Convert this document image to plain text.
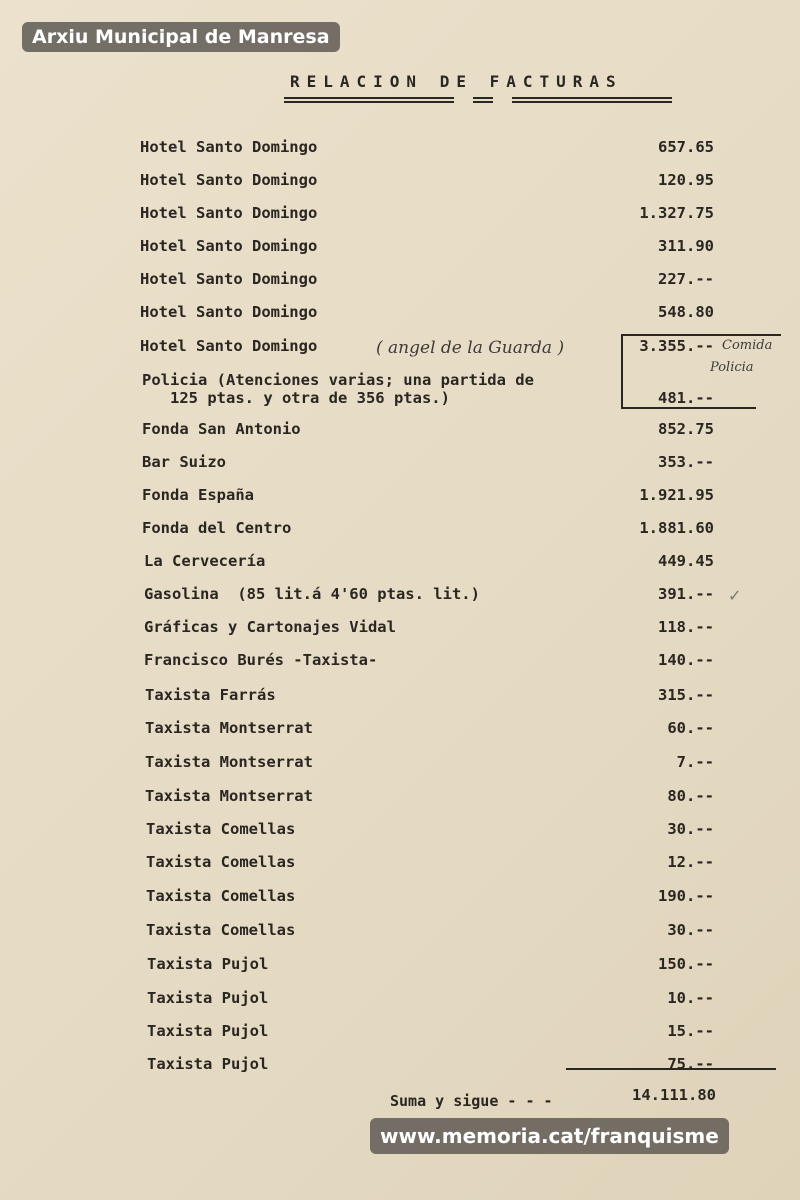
Arxiu Municipal de Manresa
RELACION DE FACTURAS
Hotel Santo Domingo	657.65
Hotel Santo Domingo	120.95
Hotel Santo Domingo	1.327.75
Hotel Santo Domingo	311.90
Hotel Santo Domingo	227.--
Hotel Santo Domingo	548.80
Hotel Santo Domingo	3.355.--
Policia (Atenciones varias; una partida de
125 ptas. y otra de 356 ptas.)	481.--
Fonda San Antonio	852.75
Bar Suizo	353.--
Fonda España	1.921.95
Fonda del Centro	1.881.60
La Cervecería	449.45
Gasolina  (85 lit.á 4'60 ptas. lit.)	391.--
Gráficas y Cartonajes Vidal	118.--
Francisco Burés -Taxista-	140.--
Taxista Farrás	315.--
Taxista Montserrat	60.--
Taxista Montserrat	7.--
Taxista Montserrat	80.--
Taxista Comellas	30.--
Taxista Comellas	12.--
Taxista Comellas	190.--
Taxista Comellas	30.--
Taxista Pujol	150.--
Taxista Pujol	10.--
Taxista Pujol	15.--
Taxista Pujol	75.--
( angel de la Guarda )	Comida
Policia
✓
Suma y sigue - - -	14.111.80
www.memoria.cat/franquisme
